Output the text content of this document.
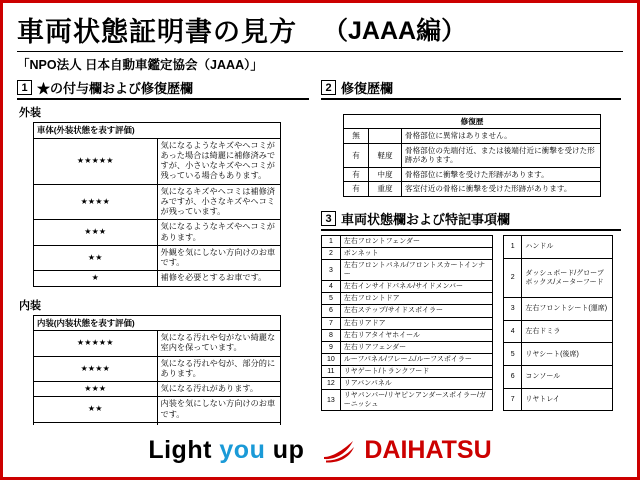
車両状態証明書の見方 （JAAA編）
「NPO法人 日本自動車鑑定協会（JAAA）」
1 ★の付与欄および修復歴欄
外装
車体(外装状態を表す評価)	
★★★★★	気になるようなキズやヘコミがあった場合は綺麗に補修済みですが、小さいなキズやヘコミが残っている場合もあります。
★★★★	気になるキズやヘコミは補修済みですが、小さなキズやヘコミが残っています。
★★★	気になるようなキズやヘコミがあります。
★★	外観を気にしない方向けのお車です。
★	補修を必要とするお車です。
内装
内装(内装状態を表す評価)	
★★★★★	気になる汚れや匂がない綺麗な室内を保っています。
★★★★	気になる汚れや匂が、部分的にあります。
★★★	気になる汚れがあります。
★★	内装を気にしない方向けのお車です。

2 修復歴欄
修復歴		
無		骨格部位に異常はありません。
有	軽度	骨格部位の先端付近、または後端付近に衝撃を受けた形跡があります。
有	中度	骨格部位に衝撃を受けた形跡があります。
有	重度	客室付近の骨格に衝撃を受けた形跡があります。
3 車両状態欄および特記事項欄
1	左右フロントフェンダー
2	ボンネット
3	左右フロントパネル/フロントスカートインナー
4	左右インサイドパネル/サイドメンバー
5	左右フロントドア
6	左右ステップ/サイドスポイラー
7	左右リアドア
8	左右リアタイヤホイール
9	左右リアフェンダー
10	ルーフパネル/フレーム/ルーフスポイラー
11	リヤゲート/トランクフード
12	リアバンパネル
13	リヤパンパー/リヤピンアンダースポイラー/ガーニッシュ
1	ハンドル
2	ダッシュボード/グローブボックス/メーターフード
3	左右フロントシート(運席)
4	左右ドミラ
5	リヤシート(後席)
6	コンソール
7	リヤトレイ
Light you up DAIHATSU
